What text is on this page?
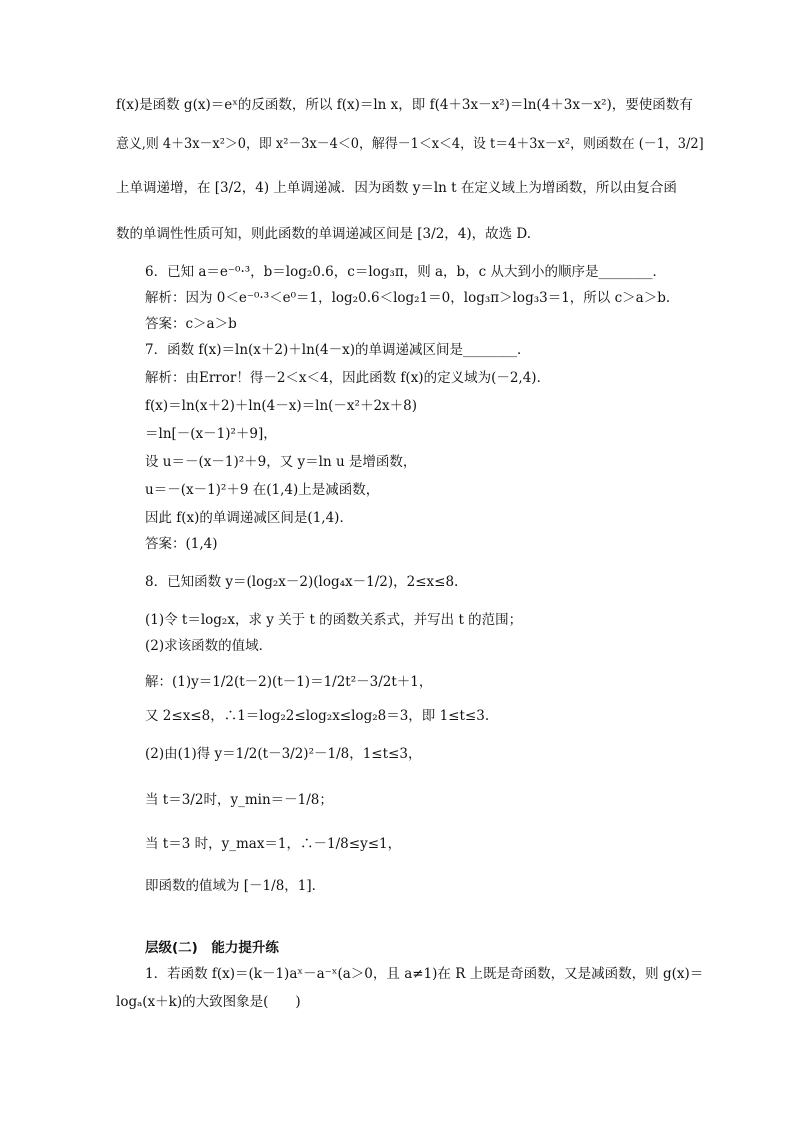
f(x)是函数 g(x)＝eˣ的反函数，所以 f(x)＝ln x，即 f(4＋3x－x²)＝ln(4＋3x－x²)，要使函数有
意义,则 4＋3x－x²＞0，即 x²－3x－4＜0，解得－1＜x＜4，设 t＝4＋3x－x²，则函数在 (－1，3/2]
上单调递增，在 [3/2，4) 上单调递减．因为函数 y＝ln t 在定义域上为增函数，所以由复合函
数的单调性性质可知，则此函数的单调递减区间是 [3/2，4)，故选 D.
6．已知 a＝e⁻⁰·³，b＝log₂0.6，c＝log₃π，则 a，b，c 从大到小的顺序是________．
解析：因为 0＜e⁻⁰·³＜e⁰＝1，log₂0.6＜log₂1＝0，log₃π＞log₃3＝1，所以 c＞a＞b.
答案：c＞a＞b
7．函数 f(x)＝ln(x＋2)＋ln(4－x)的单调递减区间是________．
解析：由Error！得－2＜x＜4，因此函数 f(x)的定义域为(－2,4)．
f(x)＝ln(x＋2)＋ln(4－x)＝ln(－x²＋2x＋8)
＝ln[－(x－1)²＋9]，
设 u＝－(x－1)²＋9，又 y＝ln u 是增函数，
u＝－(x－1)²＋9 在(1,4)上是减函数，
因此 f(x)的单调递减区间是(1,4)．
答案：(1,4)
8．已知函数 y＝(log₂x－2)(log₄x－1/2)，2≤x≤8.
(1)令 t＝log₂x，求 y 关于 t 的函数关系式，并写出 t 的范围；
(2)求该函数的值域．
解：(1)y＝1/2(t－2)(t－1)＝1/2t²－3/2t＋1，
又 2≤x≤8，∴1＝log₂2≤log₂x≤log₂8＝3，即 1≤t≤3.
(2)由(1)得 y＝1/2(t－3/2)²－1/8，1≤t≤3，
当 t＝3/2时，y_min＝－1/8；
当 t＝3 时，y_max＝1，∴－1/8≤y≤1，
即函数的值域为 [－1/8，1]．
层级(二)　能力提升练
1．若函数 f(x)＝(k－1)aˣ－a⁻ˣ(a＞0，且 a≠1)在 R 上既是奇函数，又是减函数，则 g(x)＝
logₐ(x＋k)的大致图象是(　　)
